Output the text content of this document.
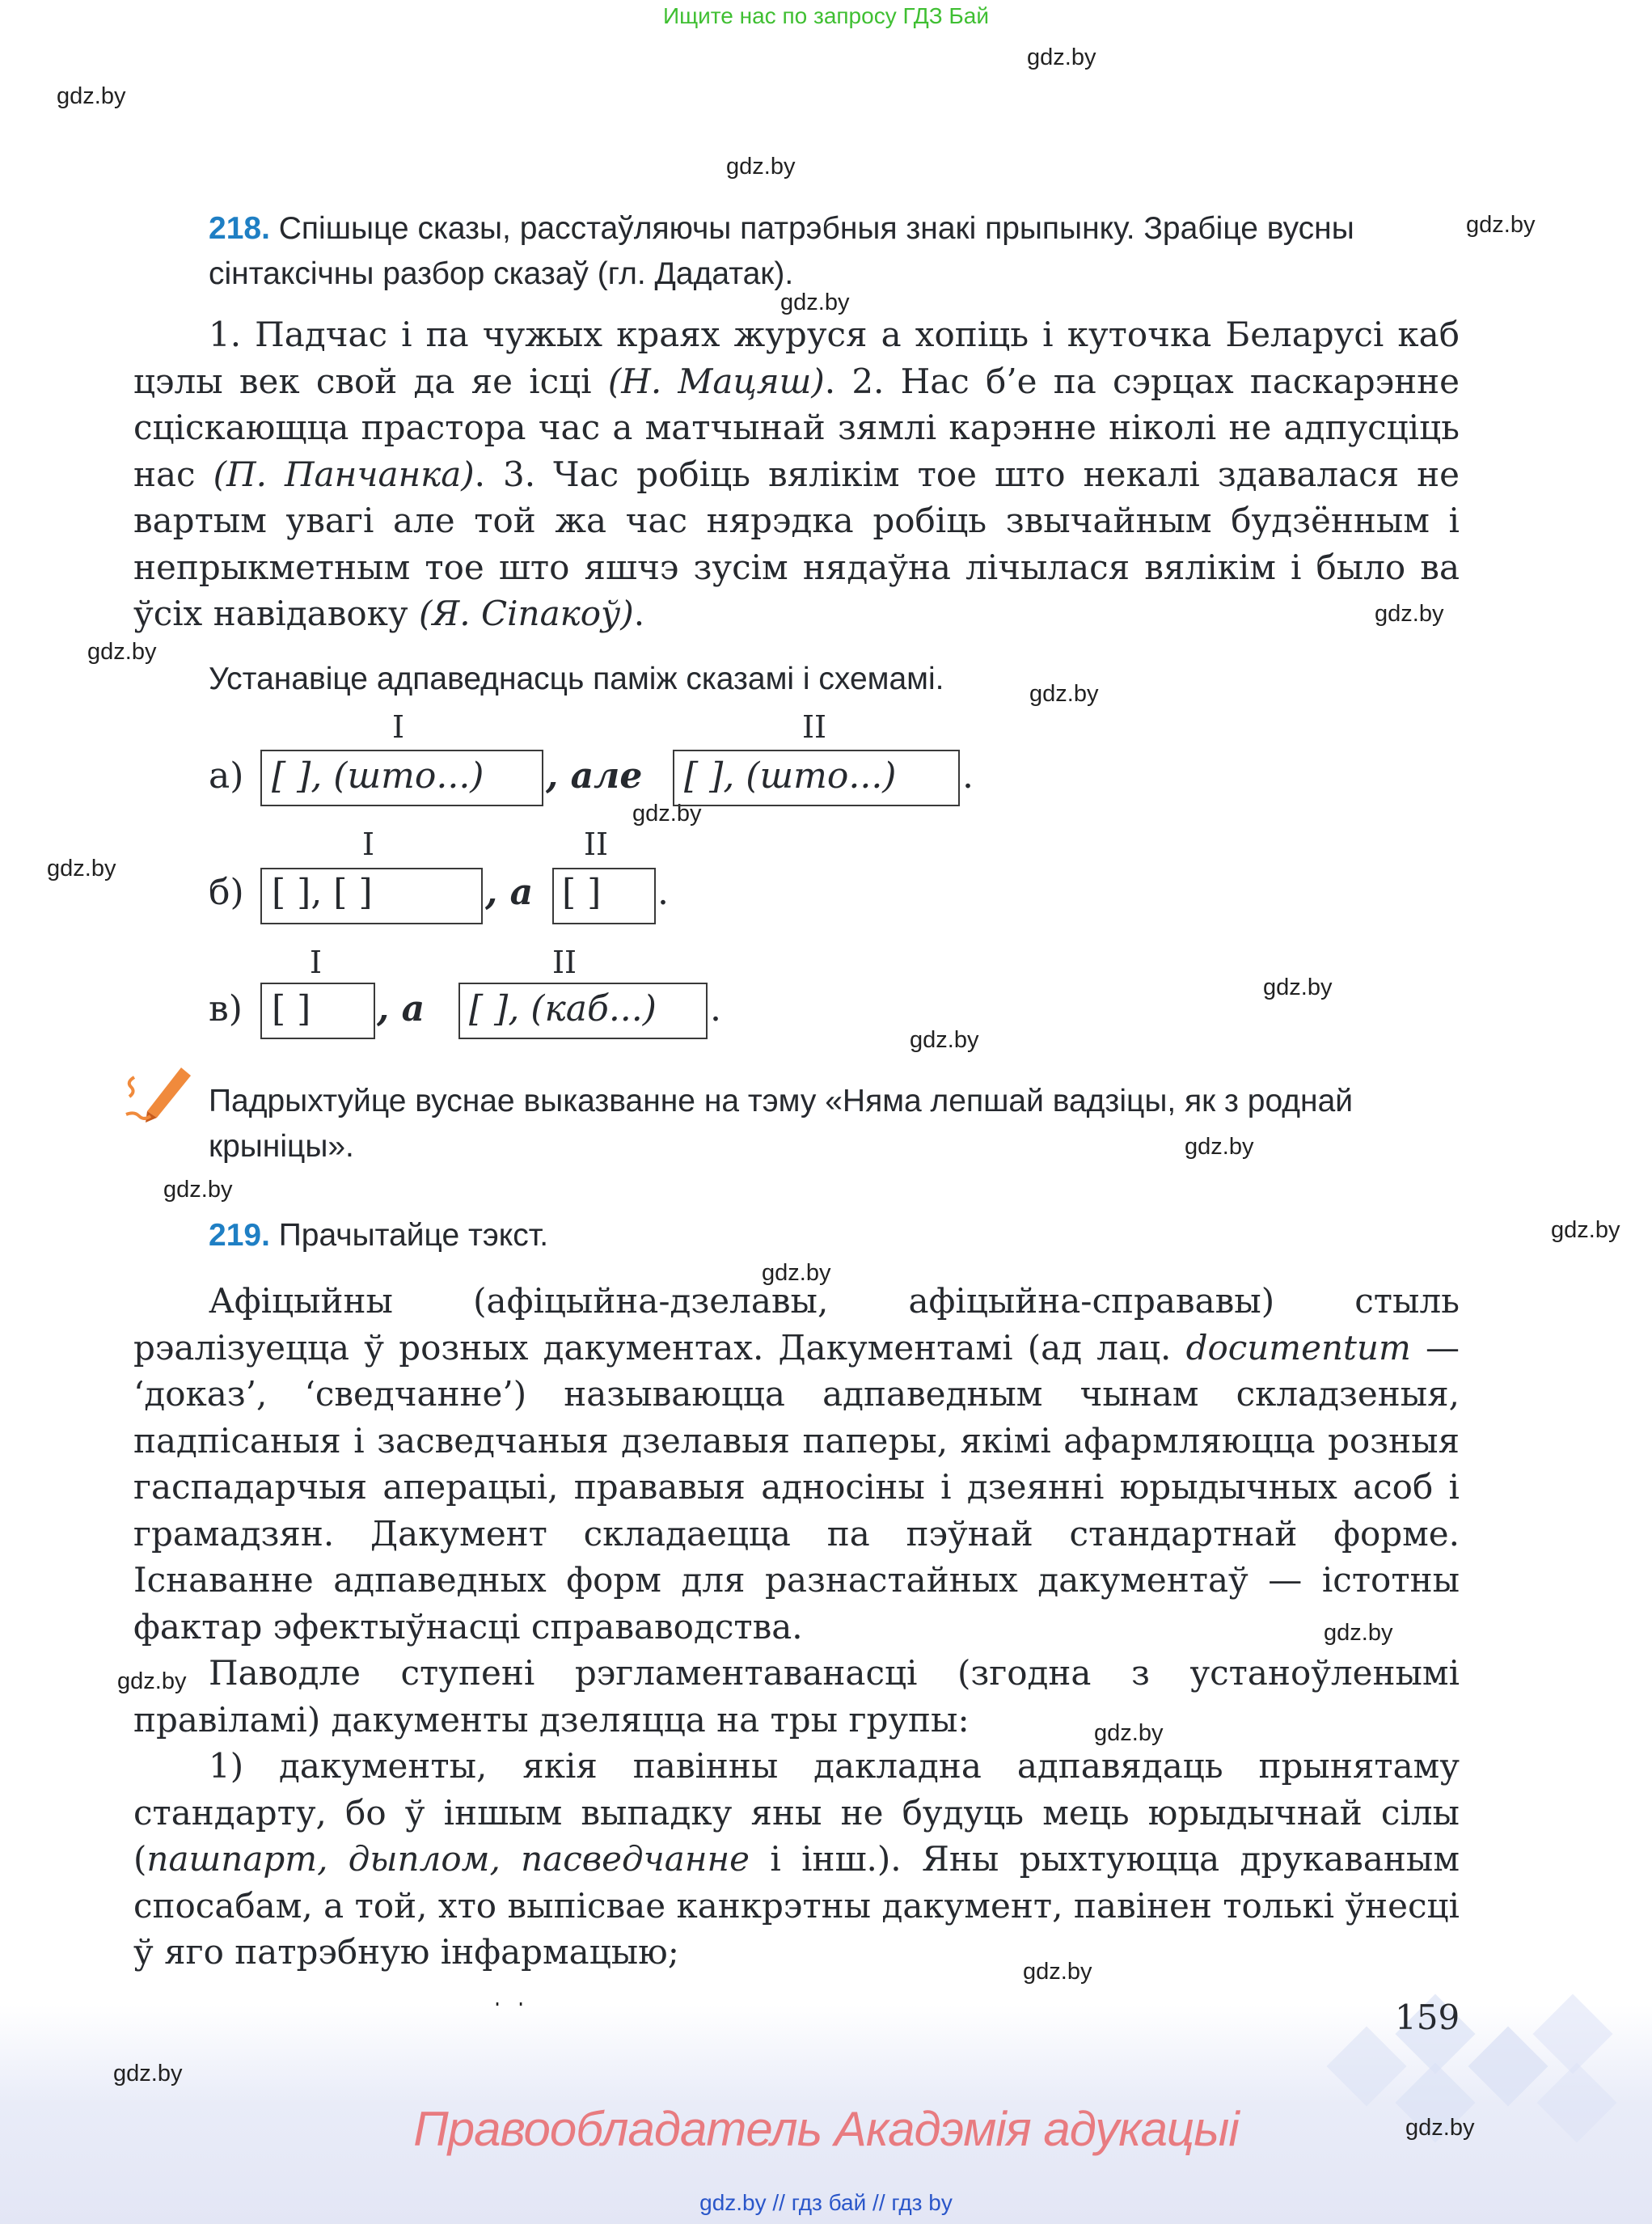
Ищите нас по запросу ГДЗ Бай
gdz.by
gdz.by
gdz.by
gdz.by
gdz.by
gdz.by
gdz.by
gdz.by
gdz.by
gdz.by
gdz.by
gdz.by
gdz.by
gdz.by
gdz.by
gdz.by
gdz.by
gdz.by
gdz.by
gdz.by
218. Спішыце сказы, расстаўляючы патрэбныя знакі прыпынку. Зрабіце вусны сінтаксічны разбор сказаў (гл. Дадатак).
1. Падчас і па чужых краях журуся а хопіць і куточка Беларусі каб цэлы век свой да яе ісці (Н. Мацяш). 2. Нас б’е па сэрцах паскарэнне сціскающца прастора час а матчынай зямлі карэнне ніколі не адпусціць нас (П. Панчанка). 3. Час робіць вялікім тое што некалі здавалася не вартым увагі але той жа час нярэдка робіць звычайным будзённым і непрыкметным тое што яшчэ зусім нядаўна лічылася вялікім і было ва ўсіх навідавоку (Я. Сіпакоў).
Устанавіце адпаведнасць паміж сказамі і схемамі.
I	II
а) [ ], (што...) , але [ ], (што...) .
I	II
б) [ ], [ ]	, а [ ] .
I	II
в) [ ] , а [ ], (каб...) .
Падрыхтуйце вуснае выказванне на тэму «Няма лепшай вадзіцы, як з роднай крыніцы».
219. Прачытайце тэкст.
Афіцыйны (афіцыйна-дзелавы, афіцыйна-справавы) стыль рэалізуецца ў розных дакументах. Дакументамі (ад лац. documentum — ‘доказ’, ‘сведчанне’) называюцца адпаведным чынам складзеныя, падпісаныя і засведчаныя дзелавыя паперы, якімі афармляюцца розныя гаспадарчыя аперацыі, прававыя адносіны і дзеянні юрыдычных асоб і грамадзян. Дакумент складаецца па пэўнай стандартнай форме. Існаванне адпаведных форм для разнастайных дакументаў — істотны фактар эфектыўнасці справаводства.
Паводле ступені рэгламентаванасці (згодна з устаноўленымі правіламі) дакументы дзеляцца на тры групы:
1) дакументы, якія павінны дакладна адпавядаць прынятаму стандарту, бо ў іншым выпадку яны не будуць мець юрыдычнай сілы (пашпарт, дыплом, пасведчанне і інш.). Яны рыхтуюцца друкаваным спосабам, а той, хто выпісвае канкрэтны дакумент, павінен толькі ўнесці ў яго патрэбную інфармацыю;
159
gdz.by
gdz.by
Правообладатель Акадэмія адукацыі
gdz.by // гдз бай // гдз by
